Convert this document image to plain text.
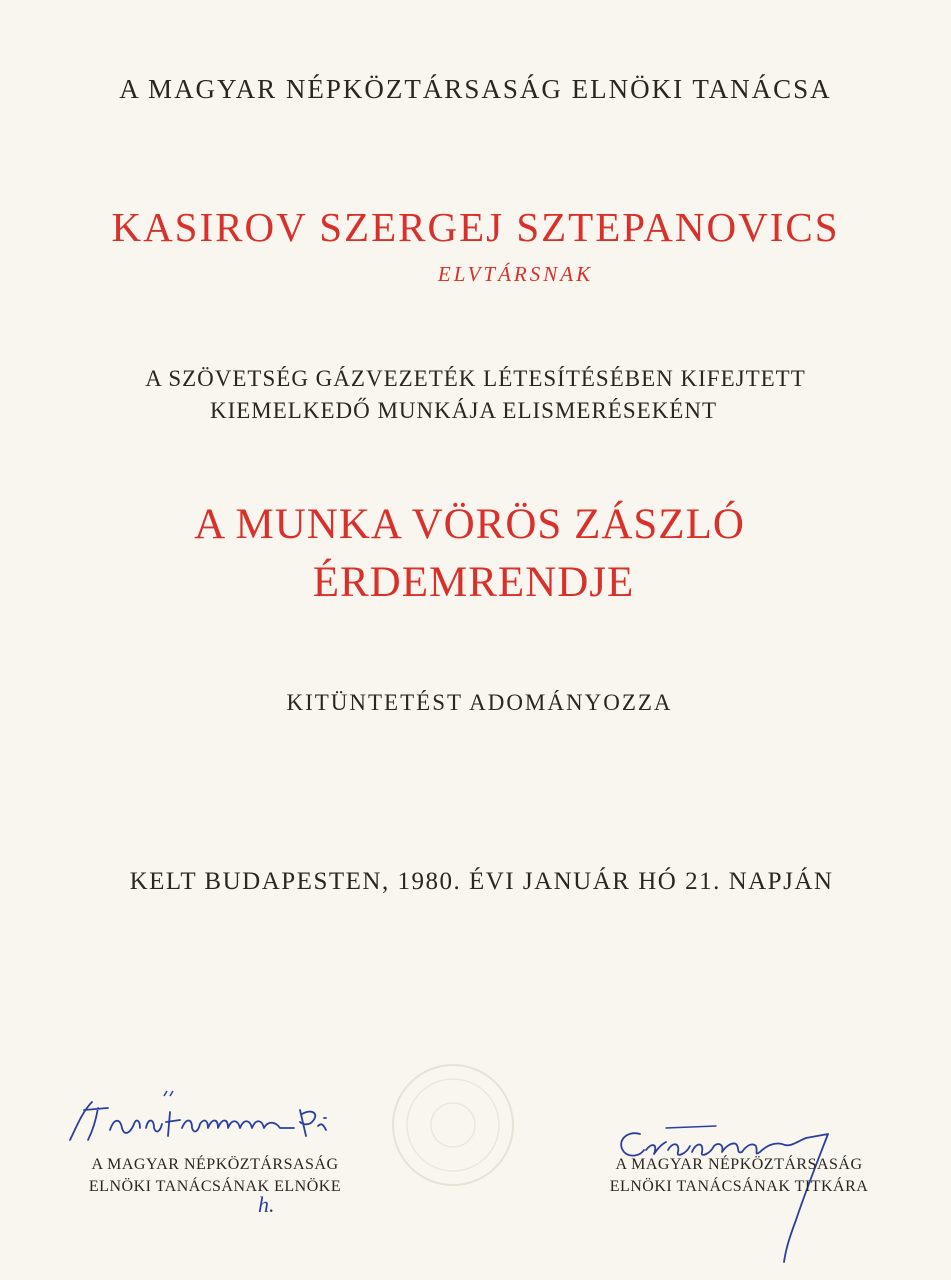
A MAGYAR NÉPKÖZTÁRSASÁG ELNÖKI TANÁCSA
KASIROV SZERGEJ SZTEPANOVICS
ELVTÁRSNAK
A SZÖVETSÉG GÁZVEZETÉK LÉTESÍTÉSÉBEN KIFEJTETT
KIEMELKEDŐ MUNKÁJA ELISMERÉSEKÉNT
A MUNKA VÖRÖS ZÁSZLÓ
ÉRDEMRENDJE
KITÜNTETÉST ADOMÁNYOZZA
KELT BUDAPESTEN, 1980. ÉVI JANUÁR HÓ 21. NAPJÁN
A MAGYAR NÉPKÖZTÁRSASÁG
ELNÖKI TANÁCSÁNAK ELNÖKE
h.
A MAGYAR NÉPKÖZTÁRSASÁG
ELNÖKI TANÁCSÁNAK TITKÁRA
